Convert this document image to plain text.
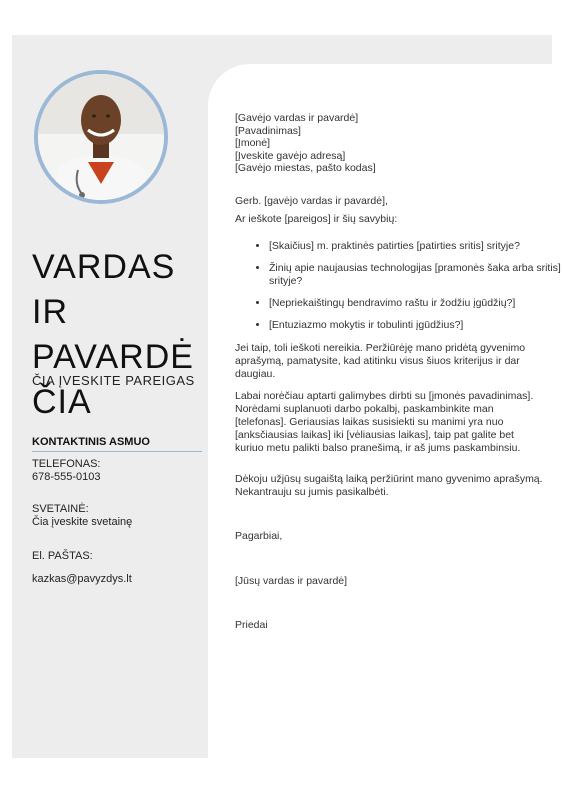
VARDAS IR
PAVARDĖ
ČIA
ČIA ĮVESKITE PAREIGAS
KONTAKTINIS ASMUO
TELEFONAS:
678-555-0103
SVETAINĖ:
Čia įveskite svetainę
El. PAŠTAS:
kazkas@pavyzdys.lt
[Gavėjo vardas ir pavardė]
[Pavadinimas]
[Įmonė]
[Įveskite gavėjo adresą]
[Gavėjo miestas, pašto kodas]
Gerb. [gavėjo vardas ir pavardė],
Ar ieškote [pareigos] ir šių savybių:
• [Skaičius] m. praktinės patirties [patirties sritis] srityje?
• Žinių apie naujausias technologijas [pramonės šaka arba sritis] srityje?
• [Nepriekaištingų bendravimo raštu ir žodžiu įgūdžių?]
• [Entuziazmo mokytis ir tobulinti įgūdžius?]
Jei taip, toli ieškoti nereikia. Peržiūrėję mano pridėtą gyvenimo aprašymą, pamatysite, kad atitinku visus šiuos kriterijus ir dar daugiau.
Labai norėčiau aptarti galimybes dirbti su [įmonės pavadinimas]. Norėdami suplanuoti darbo pokalbį, paskambinkite man [telefonas]. Geriausias laikas susisiekti su manimi yra nuo [anksčiausias laikas] iki [vėliausias laikas], taip pat galite bet kuriuo metu palikti balso pranešimą, ir aš jums paskambinsiu.
Dėkoju užjūsų sugaištą laiką peržiūrint mano gyvenimo aprašymą. Nekantrauju su jumis pasikalbėti.
Pagarbiai,
[Jūsų vardas ir pavardė]
Priedai
